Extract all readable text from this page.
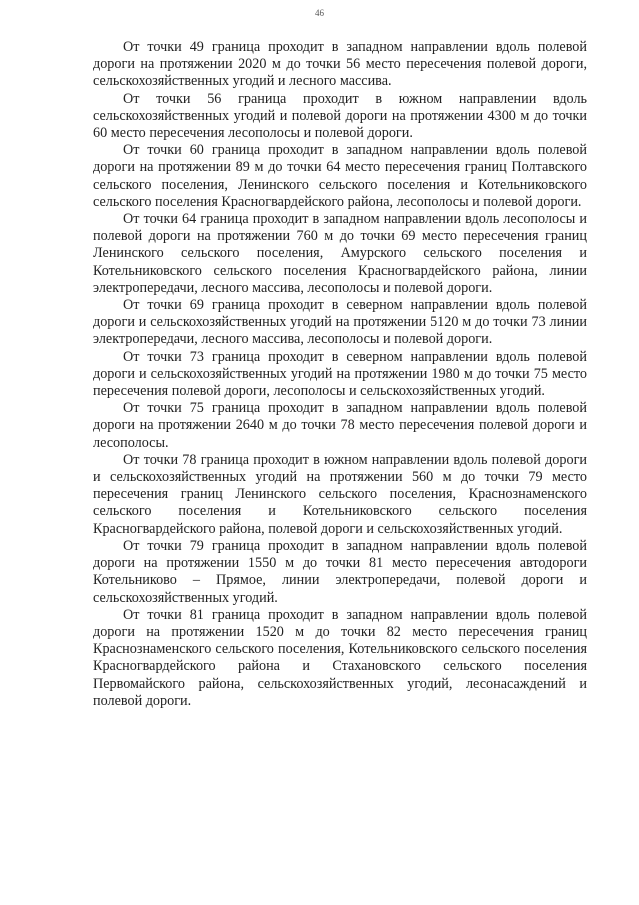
46

От точки 49 граница проходит в западном направлении вдоль полевой дороги на протяжении 2020 м до точки 56 место пересечения полевой дороги, сельскохозяйственных угодий и лесного массива.

От точки 56 граница проходит в южном направлении вдоль сельскохозяйственных угодий и полевой дороги на протяжении 4300 м до точки 60 место пересечения лесополосы и полевой дороги.

От точки 60 граница проходит в западном направлении вдоль полевой дороги на протяжении 89 м до точки 64 место пересечения границ Полтавского сельского поселения, Ленинского сельского поселения и Котельниковского сельского поселения Красногвардейского района, лесополосы и полевой дороги.

От точки 64 граница проходит в западном направлении вдоль лесополосы и полевой дороги на протяжении 760 м до точки 69 место пересечения границ Ленинского сельского поселения, Амурского сельского поселения и Котельниковского сельского поселения Красногвардейского района, линии электропередачи, лесного массива, лесополосы и полевой дороги.

От точки 69 граница проходит в северном направлении вдоль полевой дороги и сельскохозяйственных угодий на протяжении 5120 м до точки 73 линии электропередачи, лесного массива, лесополосы и полевой дороги.

От точки 73 граница проходит в северном направлении вдоль полевой дороги и сельскохозяйственных угодий на протяжении 1980 м до точки 75 место пересечения полевой дороги, лесополосы и сельскохозяйственных угодий.

От точки 75 граница проходит в западном направлении вдоль полевой дороги на протяжении 2640 м до точки 78 место пересечения полевой дороги и лесополосы.

От точки 78 граница проходит в южном направлении вдоль полевой дороги и сельскохозяйственных угодий на протяжении 560 м до точки 79 место пересечения границ Ленинского сельского поселения, Краснознаменского сельского поселения и Котельниковского сельского поселения Красногвардейского района, полевой дороги и сельскохозяйственных угодий.

От точки 79 граница проходит в западном направлении вдоль полевой дороги на протяжении 1550 м до точки 81 место пересечения автодороги Котельниково – Прямое, линии электропередачи, полевой дороги и сельскохозяйственных угодий.

От точки 81 граница проходит в западном направлении вдоль полевой дороги на протяжении 1520 м до точки 82 место пересечения границ Краснознаменского сельского поселения, Котельниковского сельского поселения Красногвардейского района и Стахановского сельского поселения Первомайского района, сельскохозяйственных угодий, лесонасаждений и полевой дороги.
